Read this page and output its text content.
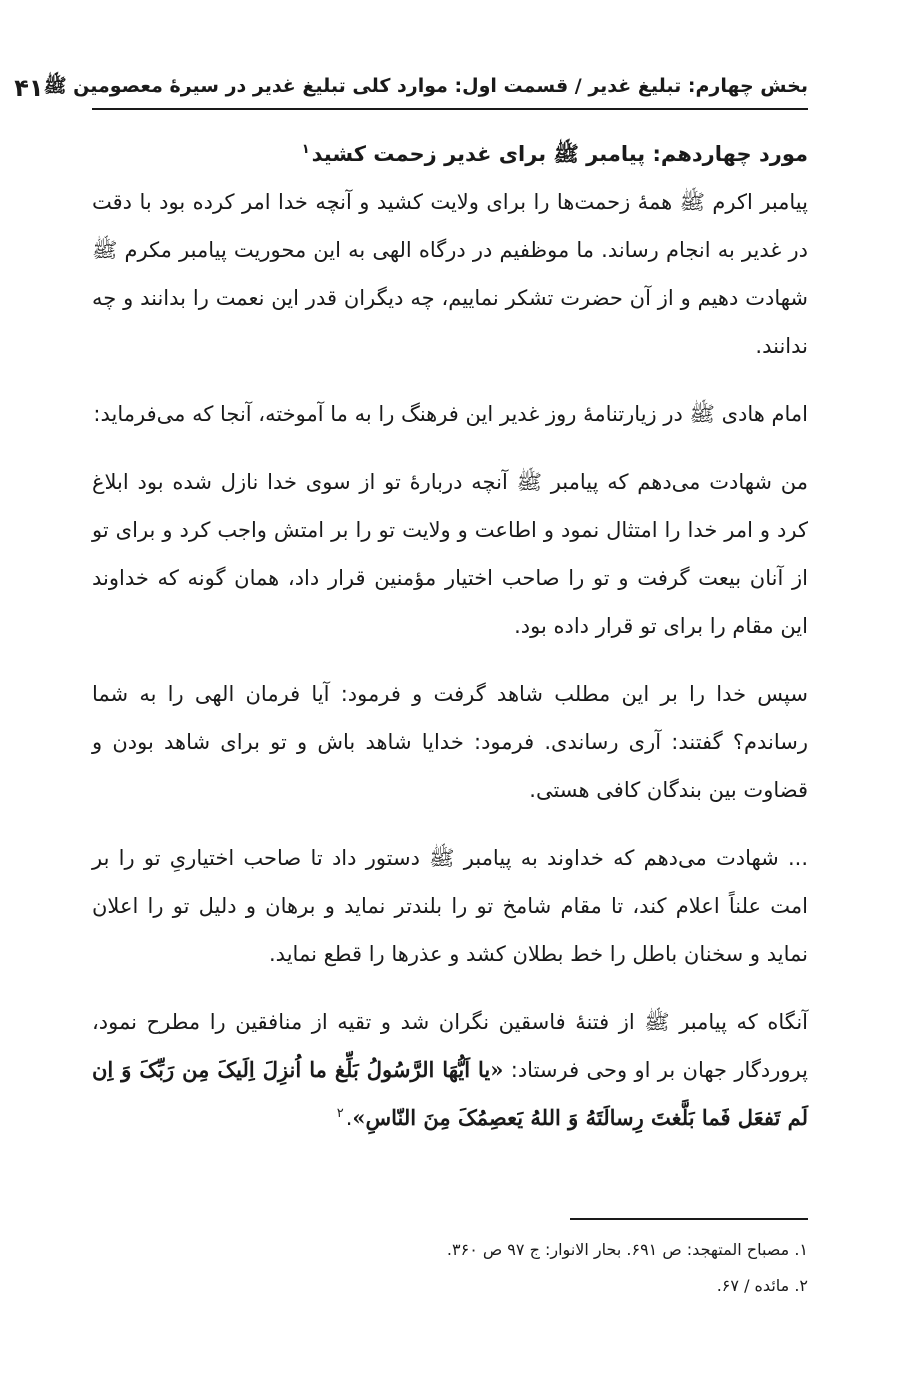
بخش چهارم: تبلیغ غدیر / قسمت اول: موارد کلی تبلیغ غدیر در سیرۀ معصومین ﷺ
۴۱
مورد چهاردهم: پیامبر ﷺ برای غدیر زحمت کشید$^۱$

پیامبر اکرم ﷺ همۀ زحمت‌ها را برای ولایت کشید و آنچه خدا امر کرده بود با دقت در غدیر به انجام رساند. ما موظفیم در درگاه الهی به این محوریت پیامبر مکرم ﷺ شهادت دهیم و از آن حضرت تشکر نماییم، چه دیگران قدر این نعمت را بدانند و چه ندانند.

امام هادی ﷺ در زیارتنامۀ روز غدیر این فرهنگ را به ما آموخته، آنجا که می‌فرماید:

من شهادت می‌دهم که پیامبر ﷺ آنچه دربارۀ تو از سوی خدا نازل شده بود ابلاغ کرد و امر خدا را امتثال نمود و اطاعت و ولایت تو را بر امتش واجب کرد و برای تو از آنان بیعت گرفت و تو را صاحب اختیار مؤمنین قرار داد، همان گونه که خداوند این مقام را برای تو قرار داده بود.

سپس خدا را بر این مطلب شاهد گرفت و فرمود: آیا فرمان الهی را به شما رساندم؟ گفتند: آری رساندی. فرمود: خدایا شاهد باش و تو برای شاهد بودن و قضاوت بین بندگان کافی هستی.

... شهادت می‌دهم که خداوند به پیامبر ﷺ دستور داد تا صاحب اختیاریِ تو را بر امت علناً اعلام کند، تا مقام شامخ تو را بلندتر نماید و برهان و دلیل تو را اعلان نماید و سخنان باطل را خط بطلان کشد و عذرها را قطع نماید.

آنگاه که پیامبر ﷺ از فتنۀ فاسقین نگران شد و تقیه از منافقین را مطرح نمود، پروردگار جهان بر او وحی فرستاد: «یا اَیُّهَا الرَّسُولُ بَلِّغ ما اُنزِلَ اِلَیکَ مِن رَبِّکَ وَ اِن لَم تَفعَل فَما بَلَّغتَ رِسالَتَهُ وَ اللهُ یَعصِمُکَ مِنَ النّاسِ».$^۲$

۱. مصباح المتهجد: ص ۶۹۱. بحار الانوار: ج ۹۷ ص ۳۶۰.

۲. مائده / ۶۷.
